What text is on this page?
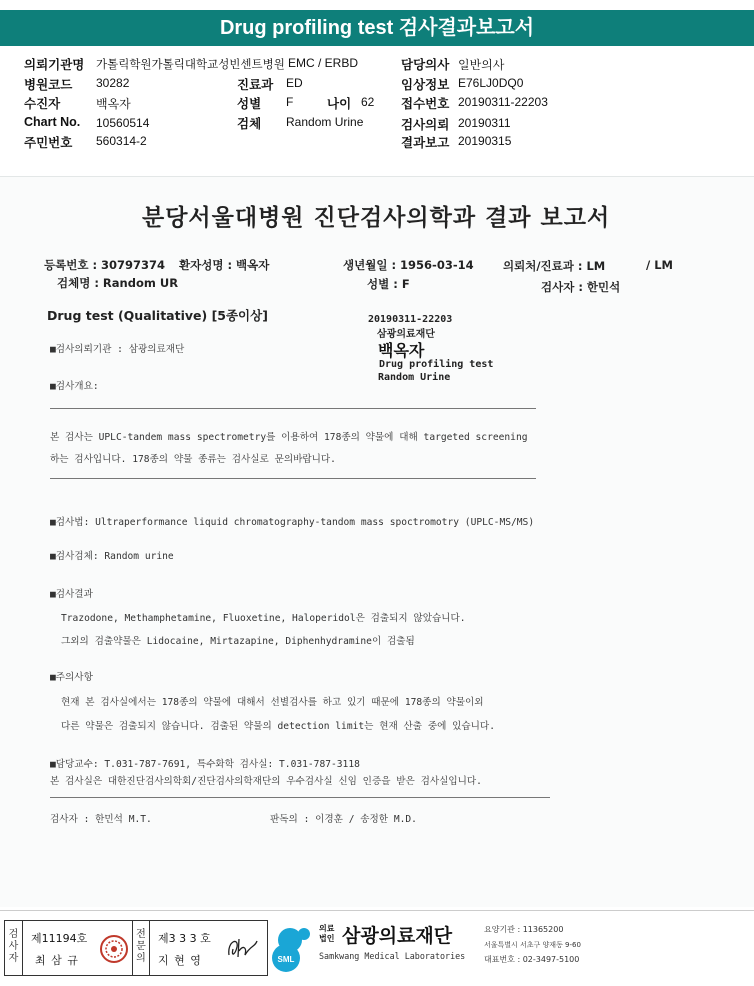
Drug profiling test 검사결과보고서
의뢰기관명 가톨릭학원가톨릭대학교성빈센트병원 EMC / ERBD	담당의사 일반의사
병원코드 30282	진료과 ED	임상정보 E76LJ0DQ0
수진자	백옥자	성별 F	나이 62 접수번호 20190311-22203
Chart No. 10560514	검체 Random Urine	검사의뢰 20190311
주민번호 560314-2	결과보고 20190315
분당서울대병원 진단검사의학과 결과 보고서
등록번호 : 30797374 환자성명 : 백옥자	생년월일 : 1956-03-14	의뢰처/진료과 : LM	/ LM
검체명 : Random UR	성별 : F	검사자 : 한민석
Drug test (Qualitative) [5종이상]	20190311-22203
삼광의료재단
백옥자
Drug profiling test
Random Urine
■검사의뢰기관 : 삼광의료재단
■검사개요:
본 검사는 UPLC-tandem mass spectrometry를 이용하여 178종의 약물에 대해 targeted screening
하는 검사입니다. 178종의 약물 종류는 검사실로 문의바랍니다.
■검사법: Ultraperformance liquid chromatography-tandom mass spoctromotry (UPLC-MS/MS)
■검사검체: Random urine
■검사결과
Trazodone, Methamphetamine, Fluoxetine, Haloperidol은 검출되지 않았습니다.
그외의 검출약물은 Lidocaine, Mirtazapine, Diphenhydramine이 검출됨
■주의사항
현재 본 검사실에서는 178종의 약물에 대해서 선별검사를 하고 있기 때문에 178종의 약물이외
다른 약물은 검출되지 않습니다. 검출된 약물의 detection limit는 현재 산출 중에 있습니다.
■담당교수: T.031-787-7691, 특수화학 검사실: T.031-787-3118
본 검사실은 대한진단검사의학회/진단검사의학재단의 우수검사실 신임 인증을 받은 검사실입니다.
검사자 : 한민석 M.T.	판독의 : 이경훈 / 송정한 M.D.
검사자
제11194호
최 삼 규
전문의
제3 3 3 호
지 현 영	SML
의료
법인 삼광의료재단
Samkwang Medical Laboratories
요양기관 : 11365200
서울특별시 서초구 양재동 9-60
대표번호 : 02-3497-5100
